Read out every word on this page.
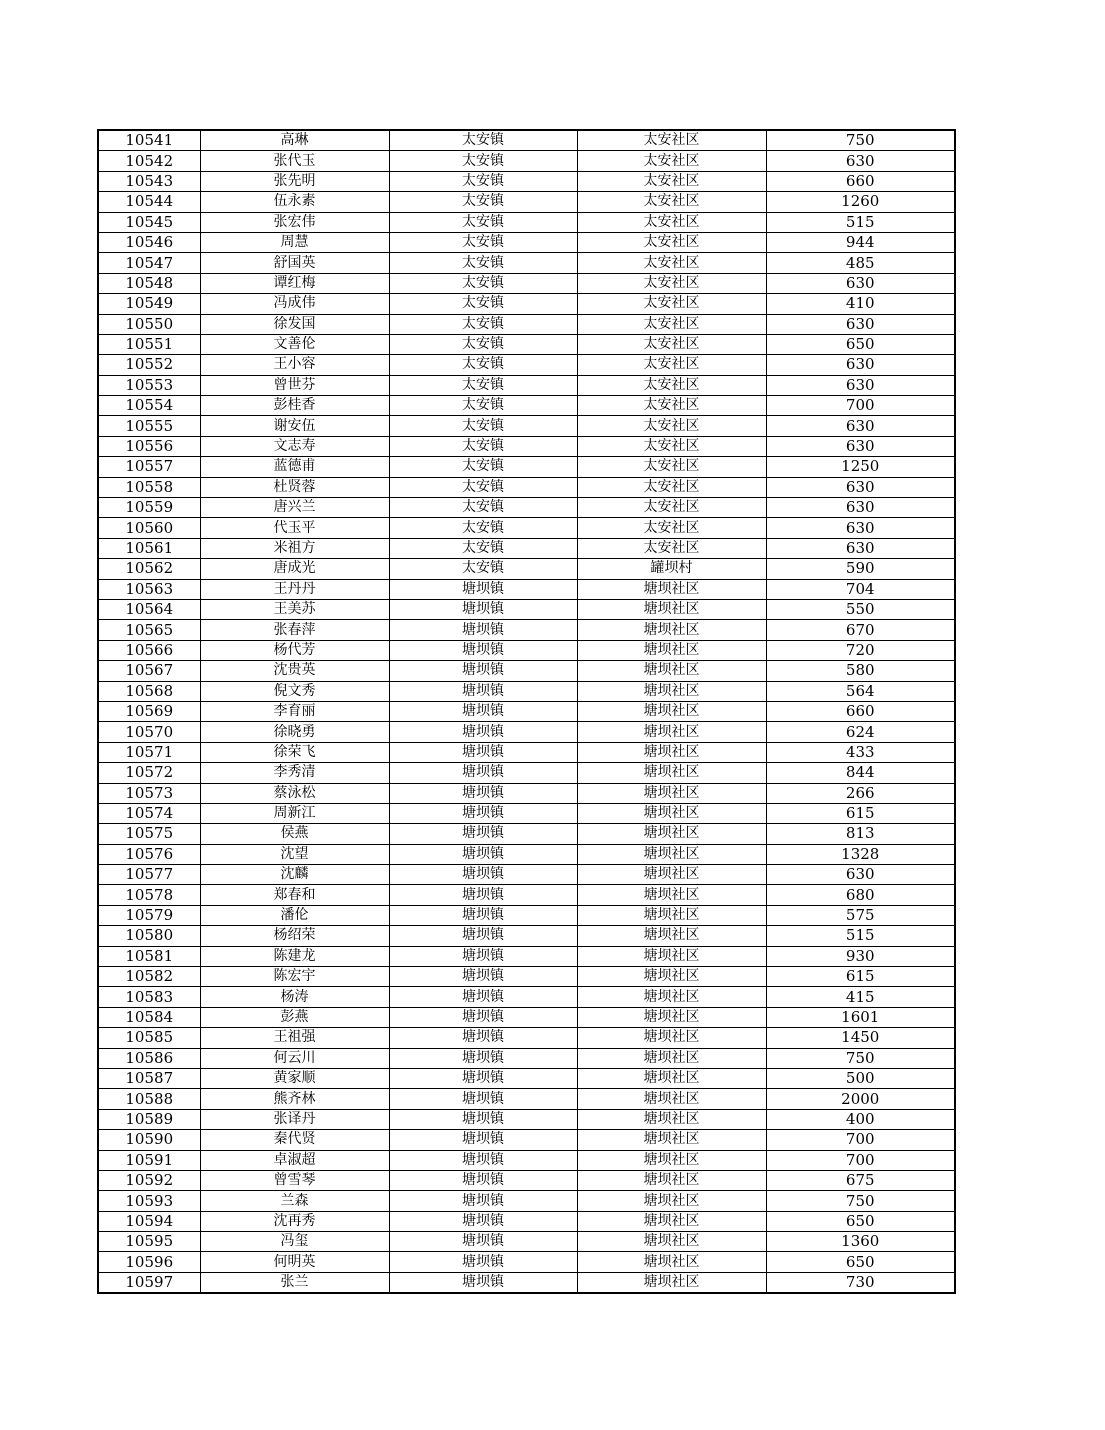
10541	高琳	太安镇	太安社区	750
10542	张代玉	太安镇	太安社区	630
10543	张先明	太安镇	太安社区	660
10544	伍永素	太安镇	太安社区	1260
10545	张宏伟	太安镇	太安社区	515
10546	周慧	太安镇	太安社区	944
10547	舒国英	太安镇	太安社区	485
10548	谭红梅	太安镇	太安社区	630
10549	冯成伟	太安镇	太安社区	410
10550	徐发国	太安镇	太安社区	630
10551	文善伦	太安镇	太安社区	650
10552	王小容	太安镇	太安社区	630
10553	曾世芬	太安镇	太安社区	630
10554	彭桂香	太安镇	太安社区	700
10555	谢安伍	太安镇	太安社区	630
10556	文志寿	太安镇	太安社区	630
10557	蓝德甫	太安镇	太安社区	1250
10558	杜贤蓉	太安镇	太安社区	630
10559	唐兴兰	太安镇	太安社区	630
10560	代玉平	太安镇	太安社区	630
10561	米祖方	太安镇	太安社区	630
10562	唐成光	太安镇	罐坝村	590
10563	王丹丹	塘坝镇	塘坝社区	704
10564	王美苏	塘坝镇	塘坝社区	550
10565	张春萍	塘坝镇	塘坝社区	670
10566	杨代芳	塘坝镇	塘坝社区	720
10567	沈贵英	塘坝镇	塘坝社区	580
10568	倪文秀	塘坝镇	塘坝社区	564
10569	李育丽	塘坝镇	塘坝社区	660
10570	徐晓勇	塘坝镇	塘坝社区	624
10571	徐荣飞	塘坝镇	塘坝社区	433
10572	李秀清	塘坝镇	塘坝社区	844
10573	蔡泳松	塘坝镇	塘坝社区	266
10574	周新江	塘坝镇	塘坝社区	615
10575	侯燕	塘坝镇	塘坝社区	813
10576	沈望	塘坝镇	塘坝社区	1328
10577	沈麟	塘坝镇	塘坝社区	630
10578	郑春和	塘坝镇	塘坝社区	680
10579	潘伦	塘坝镇	塘坝社区	575
10580	杨绍荣	塘坝镇	塘坝社区	515
10581	陈建龙	塘坝镇	塘坝社区	930
10582	陈宏宇	塘坝镇	塘坝社区	615
10583	杨涛	塘坝镇	塘坝社区	415
10584	彭燕	塘坝镇	塘坝社区	1601
10585	王祖强	塘坝镇	塘坝社区	1450
10586	何云川	塘坝镇	塘坝社区	750
10587	黄家顺	塘坝镇	塘坝社区	500
10588	熊齐林	塘坝镇	塘坝社区	2000
10589	张译丹	塘坝镇	塘坝社区	400
10590	秦代贤	塘坝镇	塘坝社区	700
10591	卓淑超	塘坝镇	塘坝社区	700
10592	曾雪琴	塘坝镇	塘坝社区	675
10593	兰森	塘坝镇	塘坝社区	750
10594	沈再秀	塘坝镇	塘坝社区	650
10595	冯玺	塘坝镇	塘坝社区	1360
10596	何明英	塘坝镇	塘坝社区	650
10597	张兰	塘坝镇	塘坝社区	730
